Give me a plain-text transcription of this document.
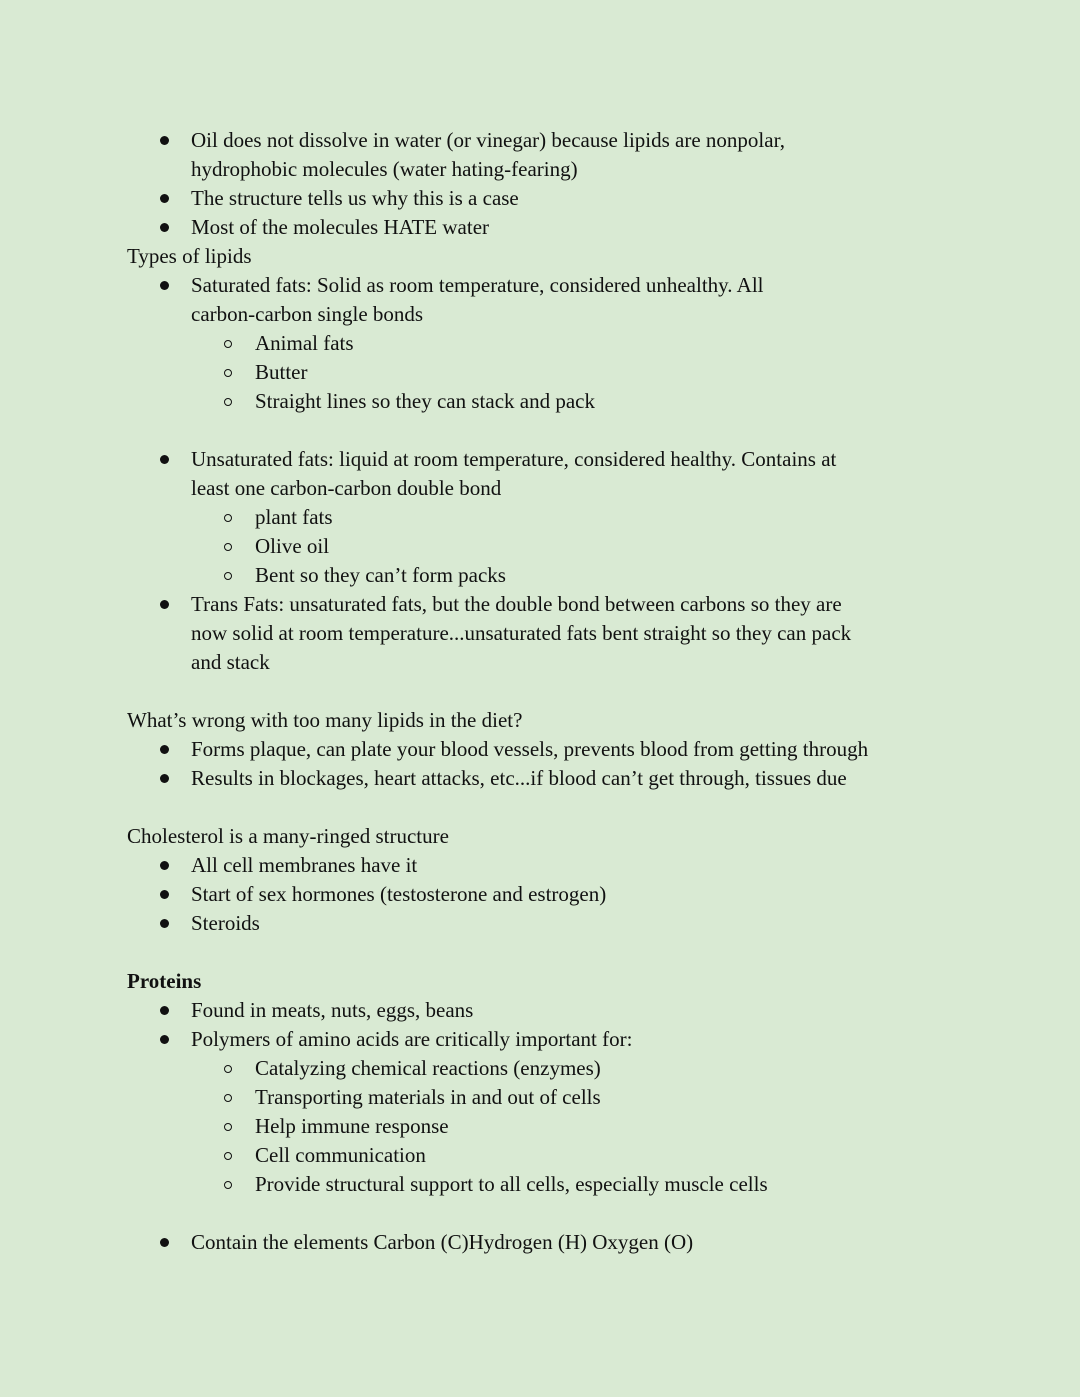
Oil does not dissolve in water (or vinegar) because lipids are nonpolar,
hydrophobic molecules (water hating-fearing)
The structure tells us why this is a case
Most of the molecules HATE water
Types of lipids
Saturated fats: Solid as room temperature, considered unhealthy. All
carbon-carbon single bonds
Animal fats
Butter
Straight lines so they can stack and pack
Unsaturated fats: liquid at room temperature, considered healthy. Contains at
least one carbon-carbon double bond
plant fats
Olive oil
Bent so they can’t form packs
Trans Fats: unsaturated fats, but the double bond between carbons so they are
now solid at room temperature...unsaturated fats bent straight so they can pack
and stack
What’s wrong with too many lipids in the diet?
Forms plaque, can plate your blood vessels, prevents blood from getting through
Results in blockages, heart attacks, etc...if blood can’t get through, tissues due
Cholesterol is a many-ringed structure
All cell membranes have it
Start of sex hormones (testosterone and estrogen)
Steroids
Proteins
Found in meats, nuts, eggs, beans
Polymers of amino acids are critically important for:
Catalyzing chemical reactions (enzymes)
Transporting materials in and out of cells
Help immune response
Cell communication
Provide structural support to all cells, especially muscle cells
Contain the elements Carbon (C)Hydrogen (H) Oxygen (O)
